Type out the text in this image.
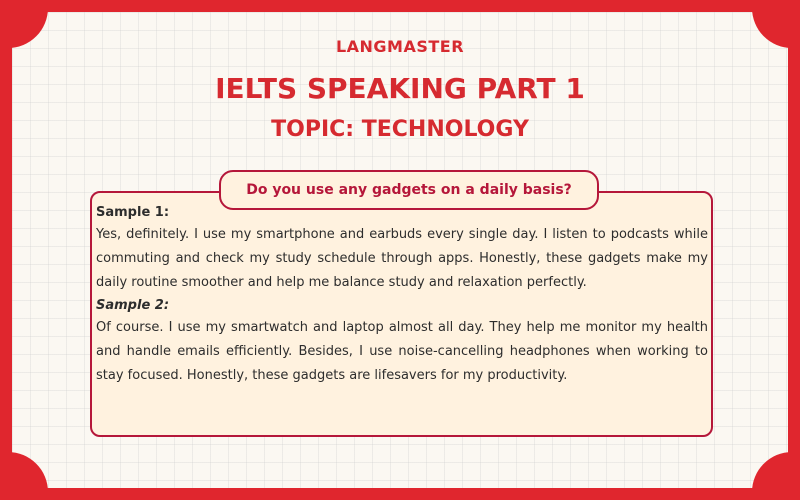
LANGMASTER
IELTS SPEAKING PART 1
TOPIC: TECHNOLOGY
Do you use any gadgets on a daily basis?
Sample 1:
Yes, definitely. I use my smartphone and earbuds every single day. I listen to podcasts while commuting and check my study schedule through apps. Honestly, these gadgets make my daily routine smoother and help me balance study and relaxation perfectly.
Sample 2:
Of course. I use my smartwatch and laptop almost all day. They help me monitor my health and handle emails efficiently. Besides, I use noise-cancelling headphones when working to stay focused. Honestly, these gadgets are lifesavers for my productivity.
